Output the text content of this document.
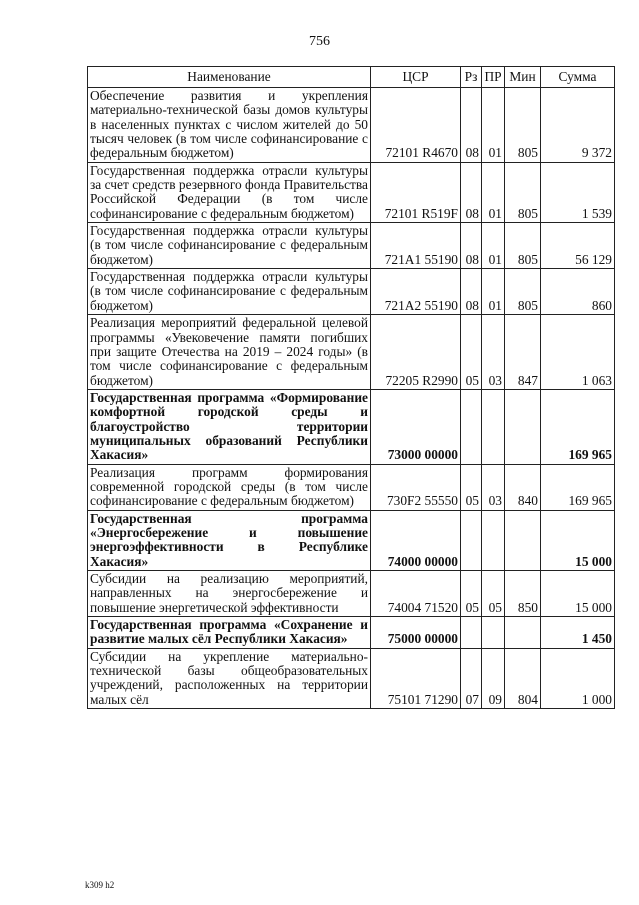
756
Наименование	ЦСР	Рз	ПР	Мин	Сумма
Обеспечение развития и укрепления материально-технической базы домов культуры в населенных пунктах с числом жителей до 50 тысяч человек (в том числе софинансирование с федеральным бюджетом)	72101 R4670	08	01	805	9 372
Государственная поддержка отрасли культуры за счет средств резервного фонда Правительства Российской Федерации (в том числе софинансирование с федеральным бюджетом)	72101 R519F	08	01	805	1 539
Государственная поддержка отрасли культуры (в том числе софинансирование с федеральным бюджетом)	721A1 55190	08	01	805	56 129
Государственная поддержка отрасли культуры (в том числе софинансирование с федеральным бюджетом)	721A2 55190	08	01	805	860
Реализация мероприятий федеральной целевой программы «Увековечение памяти погибших при защите Отечества на 2019 – 2024 годы» (в том числе софинансирование с федеральным бюджетом)	72205 R2990	05	03	847	1 063
Государственная программа «Формирование комфортной городской среды и благоустройство территории муниципальных образований Республики Хакасия»	73000 00000				169 965
Реализация программ формирования современной городской среды (в том числе софинансирование с федеральным бюджетом)	730F2 55550	05	03	840	169 965
Государственная программа «Энергосбережение и повышение энергоэффективности в Республике Хакасия»	74000 00000				15 000
Субсидии на реализацию мероприятий, направленных на энергосбережение и повышение энергетической эффективности	74004 71520	05	05	850	15 000
Государственная программа «Сохранение и развитие малых сёл Республики Хакасия»	75000 00000				1 450
Субсидии на укрепление материально-технической базы общеобразовательных учреждений, расположенных на территории малых сёл	75101 71290	07	09	804	1 000
k309 h2
